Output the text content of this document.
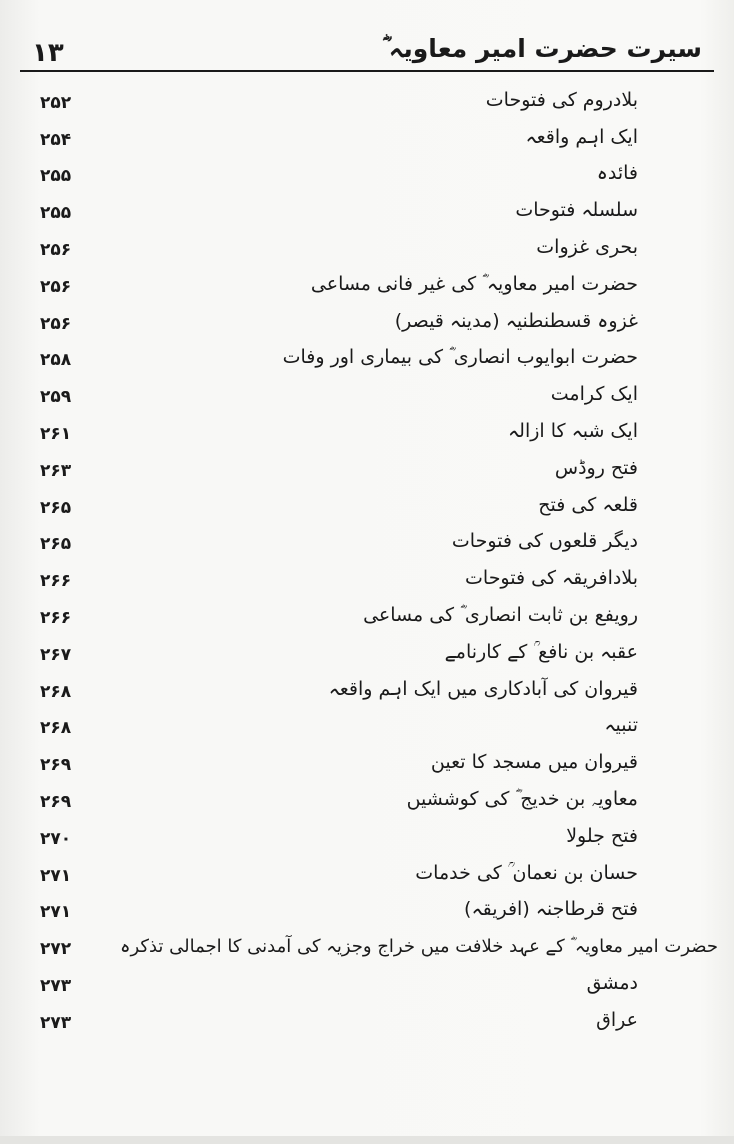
۱۳	سیرت حضرت امیر معاویہ ؓ
بلادروم کی فتوحات
۲۵۲
ایک اہم واقعہ
۲۵۴
فائدہ
۲۵۵
سلسلہ فتوحات
۲۵۵
بحری غزوات
۲۵۶
حضرت امیر معاویہ ؓ کی غیر فانی مساعی
۲۵۶
غزوہ قسطنطنیہ (مدینہ قیصر)
۲۵۶
حضرت ابوایوب انصاری ؓ کی بیماری اور وفات
۲۵۸
ایک کرامت
۲۵۹
ایک شبہ کا ازالہ
۲۶۱
فتح روڈس
۲۶۳
قلعہ کی فتح
۲۶۵
دیگر قلعوں کی فتوحات
۲۶۵
بلادافریقہ کی فتوحات
۲۶۶
رویفع بن ثابت انصاری ؓ کی مساعی
۲۶۶
عقبہ بن نافع ؒ کے کارنامے
۲۶۷
قیروان کی آبادکاری میں ایک اہم واقعہ
۲۶۸
تنبیہ
۲۶۸
قیروان میں مسجد کا تعین
۲۶۹
معاویہ بن خدیج ؓ کی کوششیں
۲۶۹
فتح جلولا
۲۷۰
حسان بن نعمان ؒ کی خدمات
۲۷۱
فتح قرطاجنہ (افریقہ)
۲۷۱
حضرت امیر معاویہ ؓ کے عہد خلافت میں خراج وجزیہ کی آمدنی کا اجمالی تذکرہ
۲۷۲
دمشق
۲۷۳
عراق
۲۷۳
